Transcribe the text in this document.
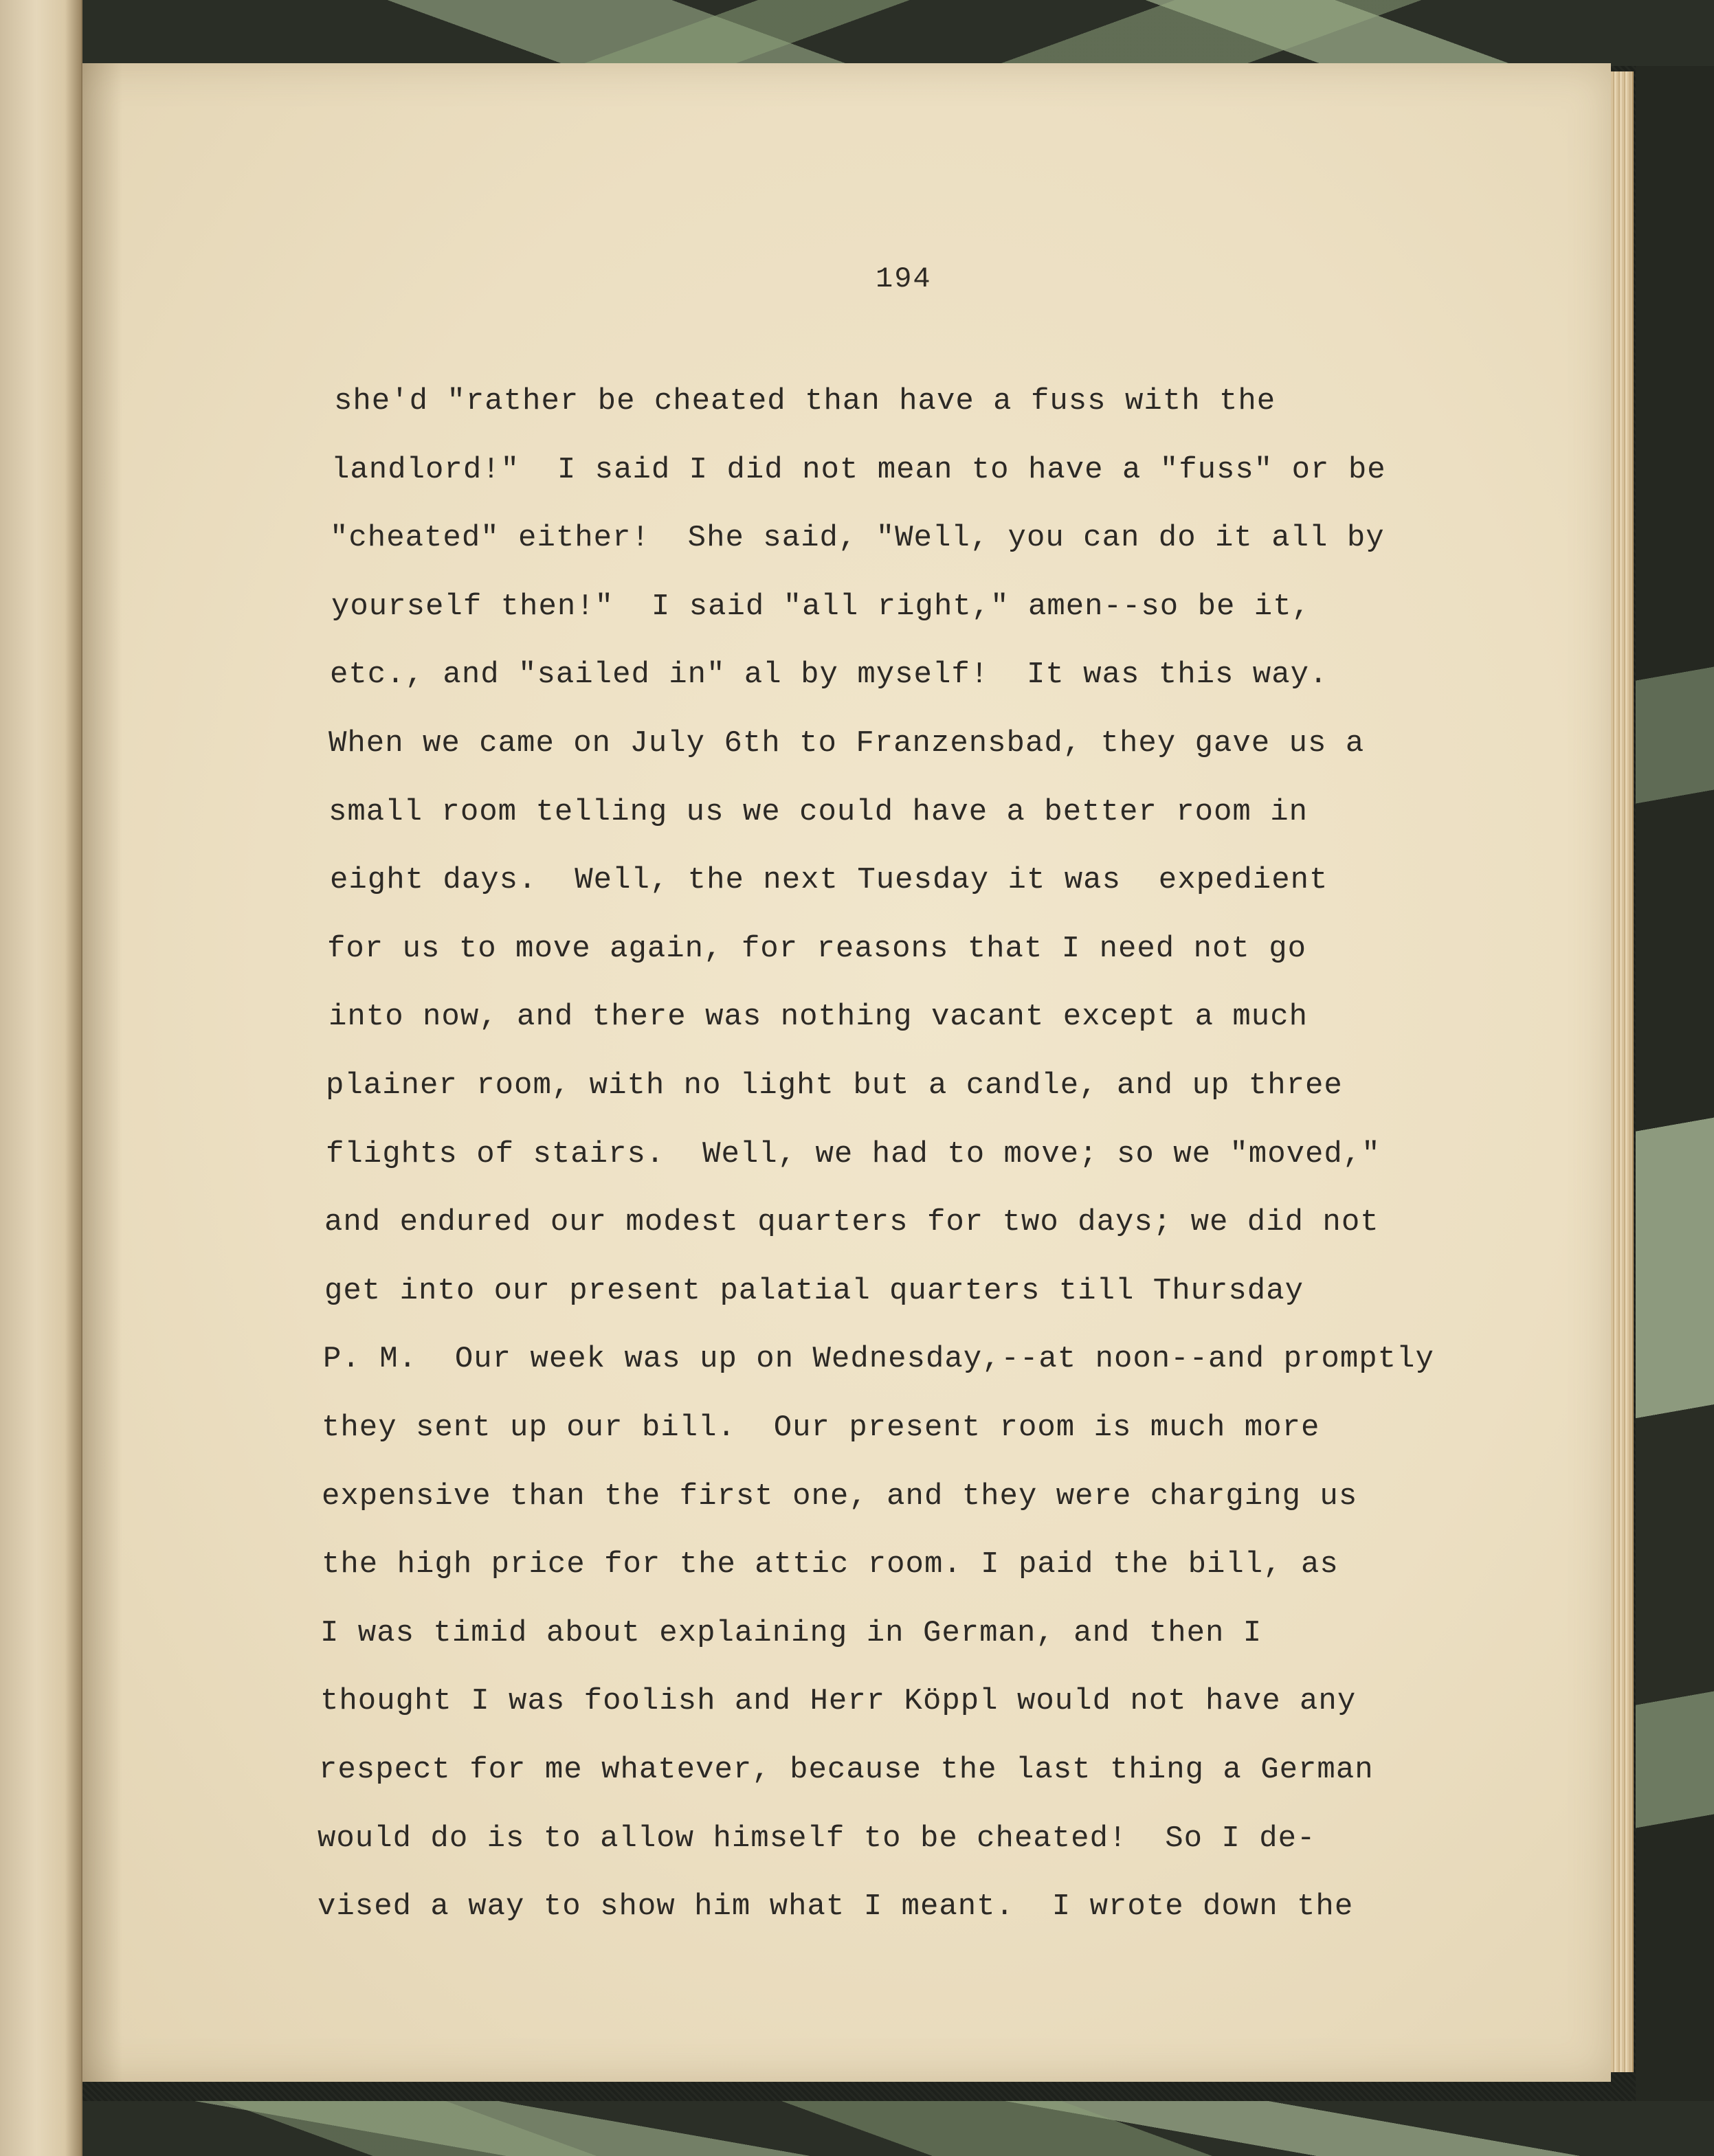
194
she'd "rather be cheated than have a fuss with the
landlord!"  I said I did not mean to have a "fuss" or be
"cheated" either!  She said, "Well, you can do it all by
yourself then!"  I said "all right," amen--so be it,
etc., and "sailed in" al by myself!  It was this way.
When we came on July 6th to Franzensbad, they gave us a
small room telling us we could have a better room in
eight days.  Well, the next Tuesday it was  expedient
for us to move again, for reasons that I need not go
into now, and there was nothing vacant except a much
plainer room, with no light but a candle, and up three
flights of stairs.  Well, we had to move; so we "moved,"
and endured our modest quarters for two days; we did not
get into our present palatial quarters till Thursday
P. M.  Our week was up on Wednesday,--at noon--and promptly
they sent up our bill.  Our present room is much more
expensive than the first one, and they were charging us
the high price for the attic room. I paid the bill, as
I was timid about explaining in German, and then I
thought I was foolish and Herr Köppl would not have any
respect for me whatever, because the last thing a German
would do is to allow himself to be cheated!  So I de-
vised a way to show him what I meant.  I wrote down the
